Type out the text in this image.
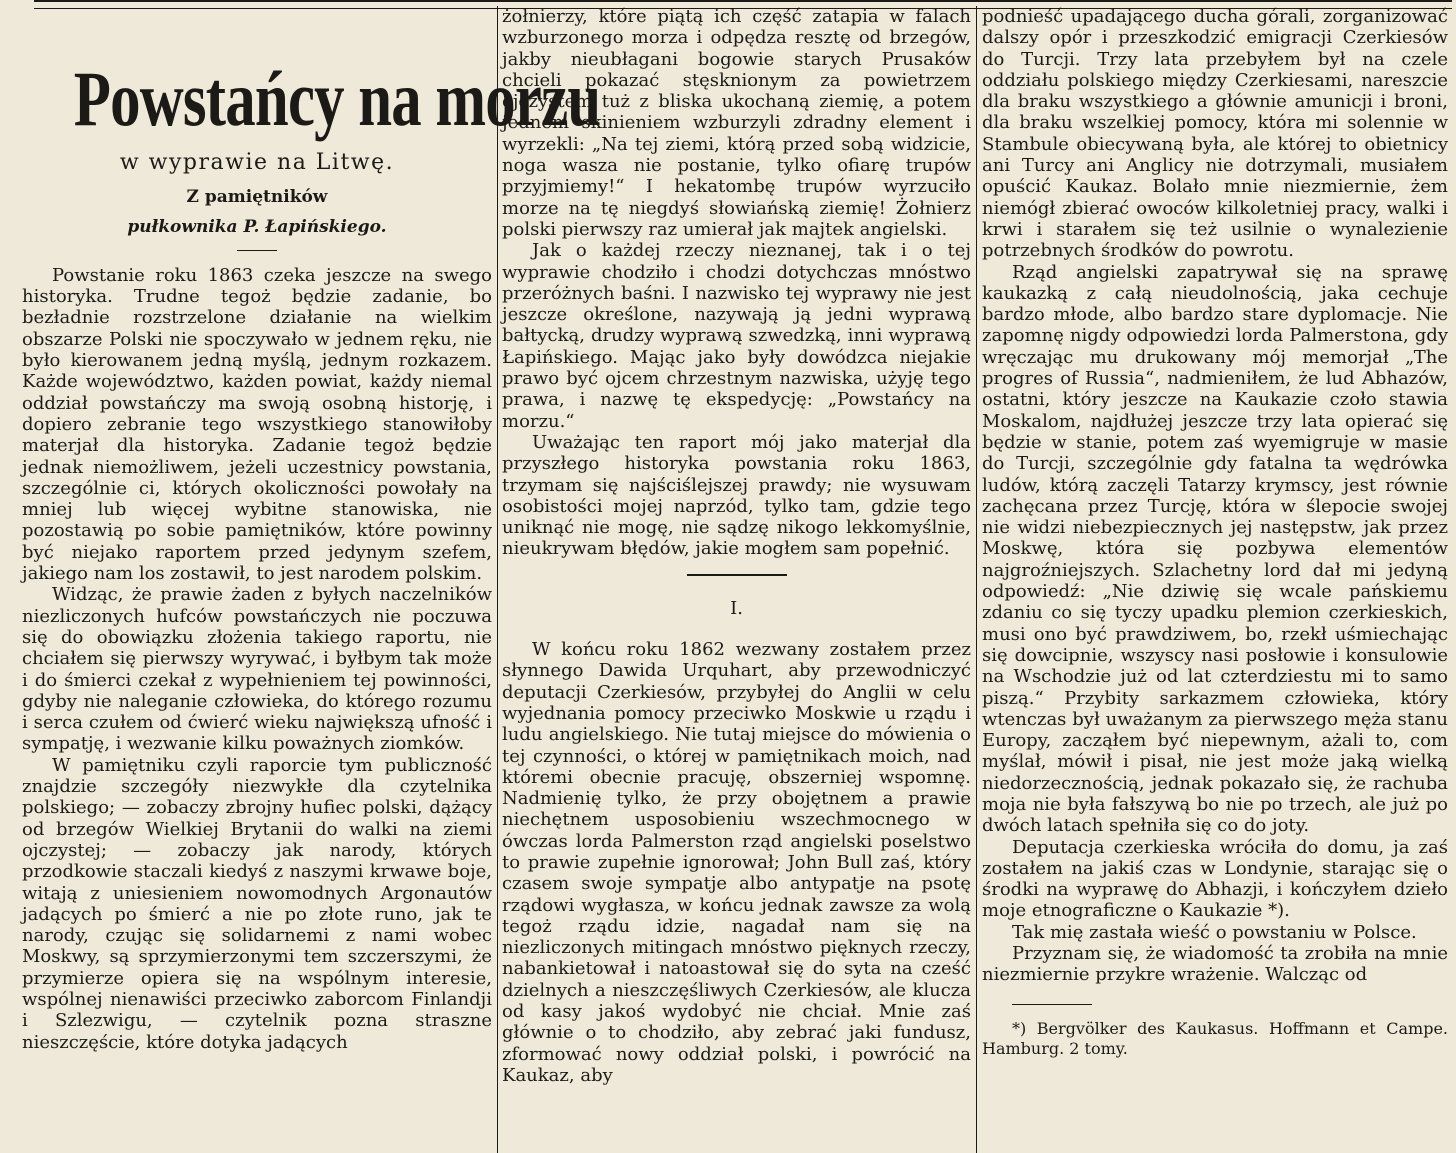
Powstańcy na morzu
w wyprawie na Litwę.
Z pamiętników
pułkownika P. Łapińskiego.

Powstanie roku 1863 czeka jeszcze na swego historyka. Trudne tegoż będzie zadanie, bo bezładnie rozstrzelone działanie na wielkim obszarze Polski nie spoczywało w jednem ręku, nie było kierowanem jedną myślą, jednym rozkazem. Każde województwo, każden powiat, każdy niemal oddział powstańczy ma swoją osobną historję, i dopiero zebranie tego wszystkiego stanowiłoby materjał dla historyka. Zadanie tegoż będzie jednak niemożliwem, jeżeli uczestnicy powstania, szczególnie ci, których okoliczności powołały na mniej lub więcej wybitne stanowiska, nie pozostawią po sobie pamiętników, które powinny być niejako raportem przed jedynym szefem, jakiego nam los zostawił, to jest narodem polskim.

Widząc, że prawie żaden z byłych naczelników niezliczonych hufców powstańczych nie poczuwa się do obowiązku złożenia takiego raportu, nie chciałem się pierwszy wyrywać, i byłbym tak może i do śmierci czekał z wypełnieniem tej powinności, gdyby nie naleganie człowieka, do którego rozumu i serca czułem od ćwierć wieku największą ufność i sympatję, i wezwanie kilku poważnych ziomków.

W pamiętniku czyli raporcie tym publiczność znajdzie szczegóły niezwykłe dla czytelnika polskiego; — zobaczy zbrojny hufiec polski, dążący od brzegów Wielkiej Brytanii do walki na ziemi ojczystej; — zobaczy jak narody, których przodkowie staczali kiedyś z naszymi krwawe boje, witają z uniesieniem nowomodnych Argonautów jadących po śmierć a nie po złote runo, jak te narody, czując się solidarnemi z nami wobec Moskwy, są sprzymierzonymi tem szczerszymi, że przymierze opiera się na wspólnym interesie, wspólnej nienawiści przeciwko zaborcom Finlandji i Szlezwigu, — czytelnik pozna straszne nieszczęście, które dotyka jadących

żołnierzy, które piątą ich część zatapia w falach wzburzonego morza i odpędza resztę od brzegów, jakby nieubłagani bogowie starych Prusaków chcieli pokazać stęsknionym za powietrzem ojczystem tuż z bliska ukochaną ziemię, a potem jednem skinieniem wzburzyli zdradny element i wyrzekli: „Na tej ziemi, którą przed sobą widzicie, noga wasza nie postanie, tylko ofiarę trupów przyjmiemy!“ I hekatombę trupów wyrzuciło morze na tę niegdyś słowiańską ziemię! Żołnierz polski pierwszy raz umierał jak majtek angielski.

Jak o każdej rzeczy nieznanej, tak i o tej wyprawie chodziło i chodzi dotychczas mnóstwo przeróżnych baśni. I nazwisko tej wyprawy nie jest jeszcze określone, nazywają ją jedni wyprawą bałtycką, drudzy wyprawą szwedzką, inni wyprawą Łapińskiego. Mając jako były dowódzca niejakie prawo być ojcem chrzestnym nazwiska, użyję tego prawa, i nazwę tę ekspedycję: „Powstańcy na morzu.“

Uważając ten raport mój jako materjał dla przyszłego historyka powstania roku 1863, trzymam się najściślejszej prawdy; nie wysuwam osobistości mojej naprzód, tylko tam, gdzie tego uniknąć nie mogę, nie sądzę nikogo lekkomyślnie, nieukrywam błędów, jakie mogłem sam popełnić.

I.

W końcu roku 1862 wezwany zostałem przez słynnego Dawida Urquhart, aby przewodniczyć deputacji Czerkiesów, przybyłej do Anglii w celu wyjednania pomocy przeciwko Moskwie u rządu i ludu angielskiego. Nie tutaj miejsce do mówienia o tej czynności, o której w pamiętnikach moich, nad któremi obecnie pracuję, obszerniej wspomnę. Nadmienię tylko, że przy obojętnem a prawie niechętnem usposobieniu wszechmocnego w ówczas lorda Palmerston rząd angielski poselstwo to prawie zupełnie ignorował; John Bull zaś, który czasem swoje sympatje albo antypatje na psotę rządowi wygłasza, w końcu jednak zawsze za wolą tegoż rządu idzie, nagadał nam się na niezliczonych mitingach mnóstwo pięknych rzeczy, nabankietował i natoastował się do syta na cześć dzielnych a nieszczęśliwych Czerkiesów, ale klucza od kasy jakoś wydobyć nie chciał. Mnie zaś głównie o to chodziło, aby zebrać jaki fundusz, zformować nowy oddział polski, i powrócić na Kaukaz, aby

podnieść upadającego ducha górali, zorganizować dalszy opór i przeszkodzić emigracji Czerkiesów do Turcji. Trzy lata przebyłem był na czele oddziału polskiego między Czerkiesami, nareszcie dla braku wszystkiego a głównie amunicji i broni, dla braku wszelkiej pomocy, która mi solennie w Stambule obiecywaną była, ale której to obietnicy ani Turcy ani Anglicy nie dotrzymali, musiałem opuścić Kaukaz. Bolało mnie niezmiernie, żem niemógł zbierać owoców kilkoletniej pracy, walki i krwi i starałem się też usilnie o wynalezienie potrzebnych środków do powrotu.

Rząd angielski zapatrywał się na sprawę kaukazką z całą nieudolnością, jaka cechuje bardzo młode, albo bardzo stare dyplomacje. Nie zapomnę nigdy odpowiedzi lorda Palmerstona, gdy wręczając mu drukowany mój memorjał „The progres of Russia“, nadmieniłem, że lud Abhazów, ostatni, który jeszcze na Kaukazie czoło stawia Moskalom, najdłużej jeszcze trzy lata opierać się będzie w stanie, potem zaś wyemigruje w masie do Turcji, szczególnie gdy fatalna ta wędrówka ludów, którą zaczęli Tatarzy krymscy, jest równie zachęcana przez Turcję, która w ślepocie swojej nie widzi niebezpiecznych jej następstw, jak przez Moskwę, która się pozbywa elementów najgroźniejszych. Szlachetny lord dał mi jedyną odpowiedź: „Nie dziwię się wcale pańskiemu zdaniu co się tyczy upadku plemion czerkieskich, musi ono być prawdziwem, bo, rzekł uśmiechając się dowcipnie, wszyscy nasi posłowie i konsulowie na Wschodzie już od lat czterdziestu mi to samo piszą.“ Przybity sarkazmem człowieka, który wtenczas był uważanym za pierwszego męża stanu Europy, zacząłem być niepewnym, ażali to, com myślał, mówił i pisał, nie jest może jaką wielką niedorzecznością, jednak pokazało się, że rachuba moja nie była fałszywą bo nie po trzech, ale już po dwóch latach spełniła się co do joty.

Deputacja czerkieska wróciła do domu, ja zaś zostałem na jakiś czas w Londynie, starając się o środki na wyprawę do Abhazji, i kończyłem dzieło moje etnograficzne o Kaukazie *).

Tak mię zastała wieść o powstaniu w Polsce.

Przyznam się, że wiadomość ta zrobiła na mnie niezmiernie przykre wrażenie. Walcząc od

*) Bergvölker des Kaukasus. Hoffmann et Campe. Hamburg. 2 tomy.
